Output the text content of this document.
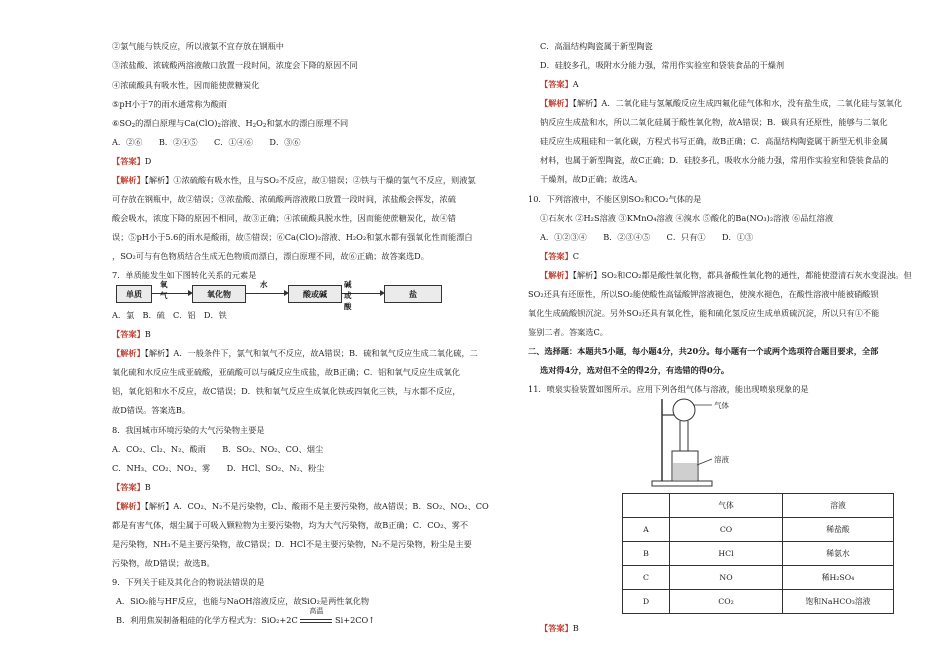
②氯气能与铁反应，所以液氯不宜存放在钢瓶中
③浓盐酸、浓硫酸两溶液敞口放置一段时间，浓度会下降的原因不同
④浓硫酸具有吸水性，因而能使蔗糖炭化
⑤pH小于7的雨水通常称为酸雨
$⑥SO_2$的漂白原理与$Ca(ClO)_2$溶液、$H_2O_2$和氯水的漂白原理不同
A．②⑥　　B．②④⑤　　C．①④⑥　　D．③⑥
【答案】D
【解析】【解析】①浓硫酸有吸水性，且与SO₂不反应，故①错误；②铁与干燥的氯气不反应，则液氯
可存放在钢瓶中，故②错误；③浓盐酸、浓硫酸两溶液敞口放置一段时间，浓盐酸会挥发，浓硫
酸会吸水，浓度下降的原因不相同，故③正确；④浓硫酸具脱水性，因而能使蔗糖炭化，故④错
误；⑤pH小于5.6的雨水是酸雨，故⑤错误；⑥Ca(ClO)₂溶液、H₂O₂和氯水都有强氧化性而能漂白
，SO₂可与有色物质结合生成无色物质而漂白，漂白原理不同，故⑥正确；故答案选D。
7．单质能发生如下图转化关系的元素是
单质
氧气	氧化物
水
酸或碱
碱或酸
盐
A．氯　B．硫　C．铝　D．铁
【答案】B
【解析】【解析】A．一般条件下，氯气和氧气不反应，故A错误；B．硫和氧气反应生成二氧化硫，二
氧化硫和水反应生成亚硫酸，亚硫酸可以与碱反应生成盐，故B正确；C．铝和氧气反应生成氧化
铝，氧化铝和水不反应，故C错误；D．铁和氧气反应生成氧化铁或四氧化三铁，与水都不反应，
故D错误。答案选B。
8．我国城市环境污染的大气污染物主要是
A．CO₂、Cl₂、N₂、酸雨　　B．SO₂、NO₂、CO、烟尘
C．NH₃、CO₂、NO₂、雾　　D．HCl、SO₂、N₂、粉尘
【答案】B
【解析】【解析】A．CO₂、N₂不是污染物，Cl₂、酸雨不是主要污染物，故A错误；B．SO₂、NO₂、CO
都是有害气体，烟尘属于可吸入颗粒物为主要污染物，均为大气污染物，故B正确；C．CO₂、雾不
是污染物，NH₃不是主要污染物，故C错误；D．HCl不是主要污染物，N₂不是污染物，粉尘是主要
污染物，故D错误；故选B。
9．下列关于硅及其化合的物说法错误的是
A．SiO₂能与HF反应，也能与NaOH溶液反应，故SiO₂是两性氧化物
B．利用焦炭制备粗硅的化学方程式为：SiO₂+2C
高温
Si+2CO↑
C．高温结构陶瓷属于新型陶瓷
D．硅胶多孔，吸附水分能力强，常用作实验室和袋装食品的干燥剂
【答案】A
【解析】【解析】A．二氧化硅与氢氟酸反应生成四氟化硅气体和水，没有盐生成，二氧化硅与氢氧化
钠反应生成盐和水，所以二氧化硅属于酸性氧化物，故A错误；B．碳具有还原性，能够与二氧化
硅反应生成粗硅和一氧化碳，方程式书写正确，故B正确；C．高温结构陶瓷属于新型无机非金属
材料，也属于新型陶瓷，故C正确；D．硅胶多孔，吸收水分能力强，常用作实验室和袋装食品的
干燥剂，故D正确；故选A。
10．下列溶液中，不能区别SO₂和CO₂气体的是
①石灰水 ②H₂S溶液 ③KMnO₄溶液 ④溴水 ⑤酸化的Ba(NO₃)₂溶液 ⑥品红溶液
A．①②③④　　B．②③④⑤　　C．只有①　　D．①③
【答案】C
【解析】【解析】SO₂和CO₂都是酸性氧化物，都具备酸性氧化物的通性，都能使澄清石灰水变混浊。但
SO₂还具有还原性，所以SO₂能使酸性高锰酸钾溶液褪色，使溴水褪色，在酸性溶液中能被硝酸钡
氧化生成硫酸钡沉淀。另外SO₂还具有氧化性，能和硫化氢反应生成单质硫沉淀，所以只有①不能
鉴别二者。答案选C。
二、选择题：本题共5小题，每小题4分，共20分。每小题有一个或两个选项符合题目要求，全部
选对得4分，选对但不全的得2分，有选错的得0分。
11．喷泉实验装置如图所示。应用下列各组气体与溶液，能出现喷泉现象的是
气体
溶液
	气体	溶液
A	CO	稀盐酸
B	HCl	稀氨水
C	NO	稀H₂SO₄
D	CO₂	饱和NaHCO₃溶液
【答案】B
